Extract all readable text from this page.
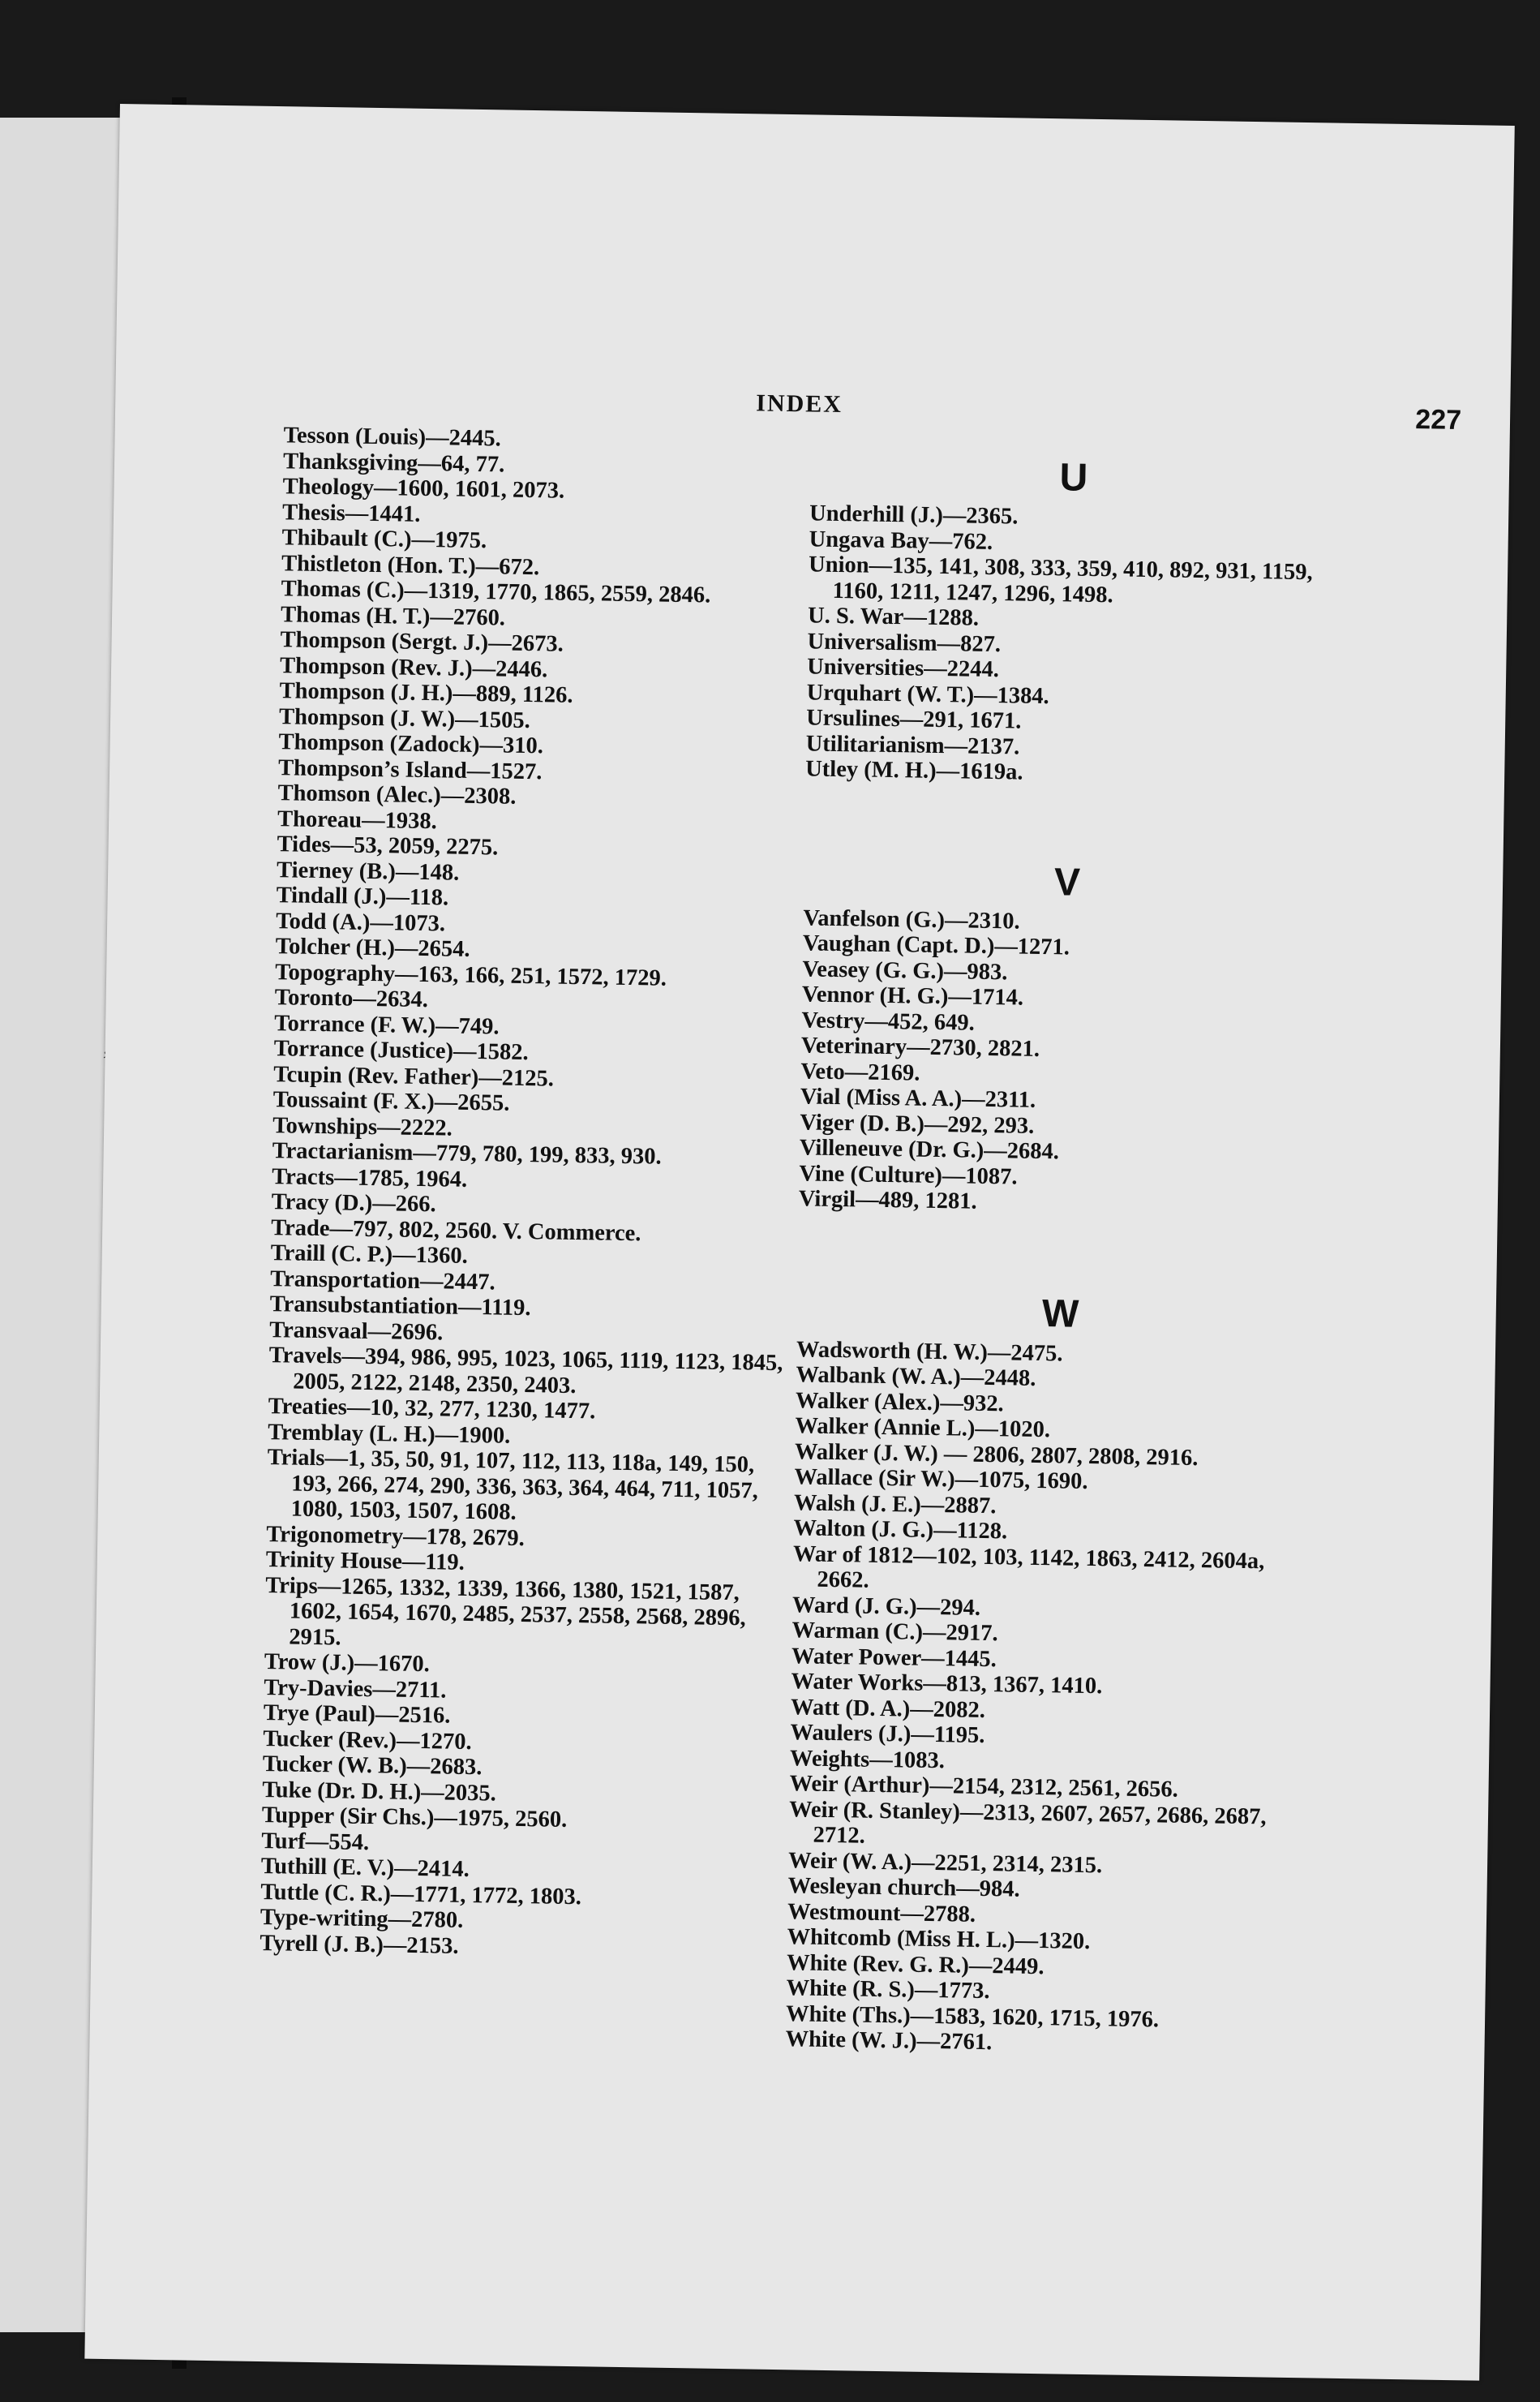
INDEX
227
Tesson (Louis)—2445.
Thanksgiving—64, 77.
Theology—1600, 1601, 2073.
Thesis—1441.
Thibault (C.)—1975.
Thistleton (Hon. T.)—672.
Thomas (C.)—1319, 1770, 1865, 2559, 2846.
Thomas (H. T.)—2760.
Thompson (Sergt. J.)—2673.
Thompson (Rev. J.)—2446.
Thompson (J. H.)—889, 1126.
Thompson (J. W.)—1505.
Thompson (Zadock)—310.
Thompson’s Island—1527.
Thomson (Alec.)—2308.
Thoreau—1938.
Tides—53, 2059, 2275.
Tierney (B.)—148.
Tindall (J.)—118.
Todd (A.)—1073.
Tolcher (H.)—2654.
Topography—163, 166, 251, 1572, 1729.
Toronto—2634.
Torrance (F. W.)—749.
Torrance (Justice)—1582.
Tcupin (Rev. Father)—2125.
Toussaint (F. X.)—2655.
Townships—2222.
Tractarianism—779, 780, 199, 833, 930.
Tracts—1785, 1964.
Tracy (D.)—266.
Trade—797, 802, 2560. V. Commerce.
Traill (C. P.)—1360.
Transportation—2447.
Transubstantiation—1119.
Transvaal—2696.
Travels—394, 986, 995, 1023, 1065, 1119, 1123, 1845, 2005, 2122, 2148, 2350, 2403.
Treaties—10, 32, 277, 1230, 1477.
Tremblay (L. H.)—1900.
Trials—1, 35, 50, 91, 107, 112, 113, 118a, 149, 150, 193, 266, 274, 290, 336, 363, 364, 464, 711, 1057, 1080, 1503, 1507, 1608.
Trigonometry—178, 2679.
Trinity House—119.
Trips—1265, 1332, 1339, 1366, 1380, 1521, 1587, 1602, 1654, 1670, 2485, 2537, 2558, 2568, 2896, 2915.
Trow (J.)—1670.
Try-Davies—2711.
Trye (Paul)—2516.
Tucker (Rev.)—1270.
Tucker (W. B.)—2683.
Tuke (Dr. D. H.)—2035.
Tupper (Sir Chs.)—1975, 2560.
Turf—554.
Tuthill (E. V.)—2414.
Tuttle (C. R.)—1771, 1772, 1803.
Type-writing—2780.
Tyrell (J. B.)—2153.
U
Underhill (J.)—2365.
Ungava Bay—762.
Union—135, 141, 308, 333, 359, 410, 892, 931, 1159, 1160, 1211, 1247, 1296, 1498.
U. S. War—1288.
Universalism—827.
Universities—2244.
Urquhart (W. T.)—1384.
Ursulines—291, 1671.
Utilitarianism—2137.
Utley (M. H.)—1619a.
V
Vanfelson (G.)—2310.
Vaughan (Capt. D.)—1271.
Veasey (G. G.)—983.
Vennor (H. G.)—1714.
Vestry—452, 649.
Veterinary—2730, 2821.
Veto—2169.
Vial (Miss A. A.)—2311.
Viger (D. B.)—292, 293.
Villeneuve (Dr. G.)—2684.
Vine (Culture)—1087.
Virgil—489, 1281.
W
Wadsworth (H. W.)—2475.
Walbank (W. A.)—2448.
Walker (Alex.)—932.
Walker (Annie L.)—1020.
Walker (J. W.) — 2806, 2807, 2808, 2916.
Wallace (Sir W.)—1075, 1690.
Walsh (J. E.)—2887.
Walton (J. G.)—1128.
War of 1812—102, 103, 1142, 1863, 2412, 2604a, 2662.
Ward (J. G.)—294.
Warman (C.)—2917.
Water Power—1445.
Water Works—813, 1367, 1410.
Watt (D. A.)—2082.
Waulers (J.)—1195.
Weights—1083.
Weir (Arthur)—2154, 2312, 2561, 2656.
Weir (R. Stanley)—2313, 2607, 2657, 2686, 2687, 2712.
Weir (W. A.)—2251, 2314, 2315.
Wesleyan church—984.
Westmount—2788.
Whitcomb (Miss H. L.)—1320.
White (Rev. G. R.)—2449.
White (R. S.)—1773.
White (Ths.)—1583, 1620, 1715, 1976.
White (W. J.)—2761.
